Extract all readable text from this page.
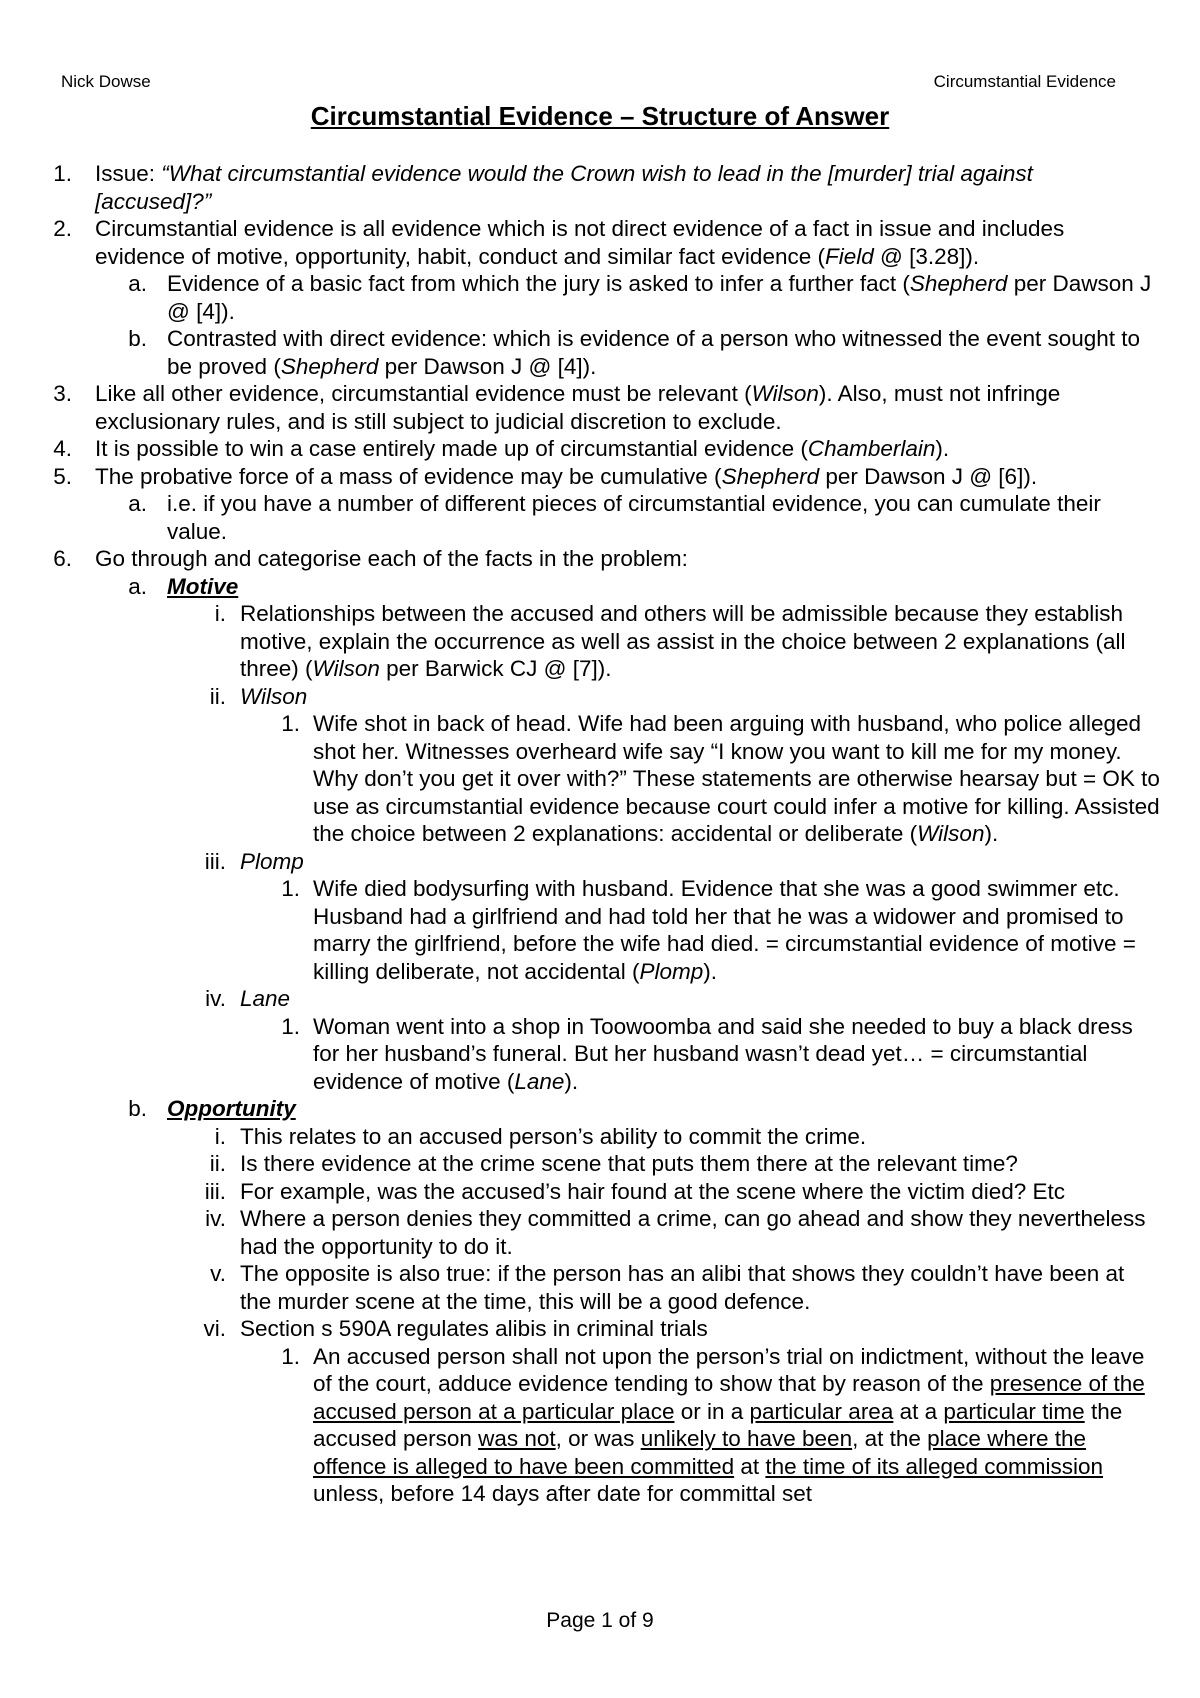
Nick Dowse	Circumstantial Evidence
Circumstantial Evidence – Structure of Answer
1. Issue: “What circumstantial evidence would the Crown wish to lead in the [murder] trial against [accused]?”
2. Circumstantial evidence is all evidence which is not direct evidence of a fact in issue and includes evidence of motive, opportunity, habit, conduct and similar fact evidence (Field @ [3.28]).
a. Evidence of a basic fact from which the jury is asked to infer a further fact (Shepherd per Dawson J @ [4]).
b. Contrasted with direct evidence: which is evidence of a person who witnessed the event sought to be proved (Shepherd per Dawson J @ [4]).
3. Like all other evidence, circumstantial evidence must be relevant (Wilson). Also, must not infringe exclusionary rules, and is still subject to judicial discretion to exclude.
4. It is possible to win a case entirely made up of circumstantial evidence (Chamberlain).
5. The probative force of a mass of evidence may be cumulative (Shepherd per Dawson J @ [6]).
a. i.e. if you have a number of different pieces of circumstantial evidence, you can cumulate their value.
6. Go through and categorise each of the facts in the problem:
a. Motive
i. Relationships between the accused and others will be admissible because they establish motive, explain the occurrence as well as assist in the choice between 2 explanations (all three) (Wilson per Barwick CJ @ [7]).
ii. Wilson
1. Wife shot in back of head. Wife had been arguing with husband, who police alleged shot her. Witnesses overheard wife say “I know you want to kill me for my money. Why don’t you get it over with?” These statements are otherwise hearsay but = OK to use as circumstantial evidence because court could infer a motive for killing. Assisted the choice between 2 explanations: accidental or deliberate (Wilson).
iii. Plomp
1. Wife died bodysurfing with husband. Evidence that she was a good swimmer etc. Husband had a girlfriend and had told her that he was a widower and promised to marry the girlfriend, before the wife had died. = circumstantial evidence of motive = killing deliberate, not accidental (Plomp).
iv. Lane
1. Woman went into a shop in Toowoomba and said she needed to buy a black dress for her husband’s funeral. But her husband wasn’t dead yet… = circumstantial evidence of motive (Lane).
b. Opportunity
i. This relates to an accused person’s ability to commit the crime.
ii. Is there evidence at the crime scene that puts them there at the relevant time?
iii. For example, was the accused’s hair found at the scene where the victim died? Etc
iv. Where a person denies they committed a crime, can go ahead and show they nevertheless had the opportunity to do it.
v. The opposite is also true: if the person has an alibi that shows they couldn’t have been at the murder scene at the time, this will be a good defence.
vi. Section s 590A regulates alibis in criminal trials
1. An accused person shall not upon the person’s trial on indictment, without the leave of the court, adduce evidence tending to show that by reason of the presence of the accused person at a particular place or in a particular area at a particular time the accused person was not, or was unlikely to have been, at the place where the offence is alleged to have been committed at the time of its alleged commission unless, before 14 days after date for committal set
Page 1 of 9
